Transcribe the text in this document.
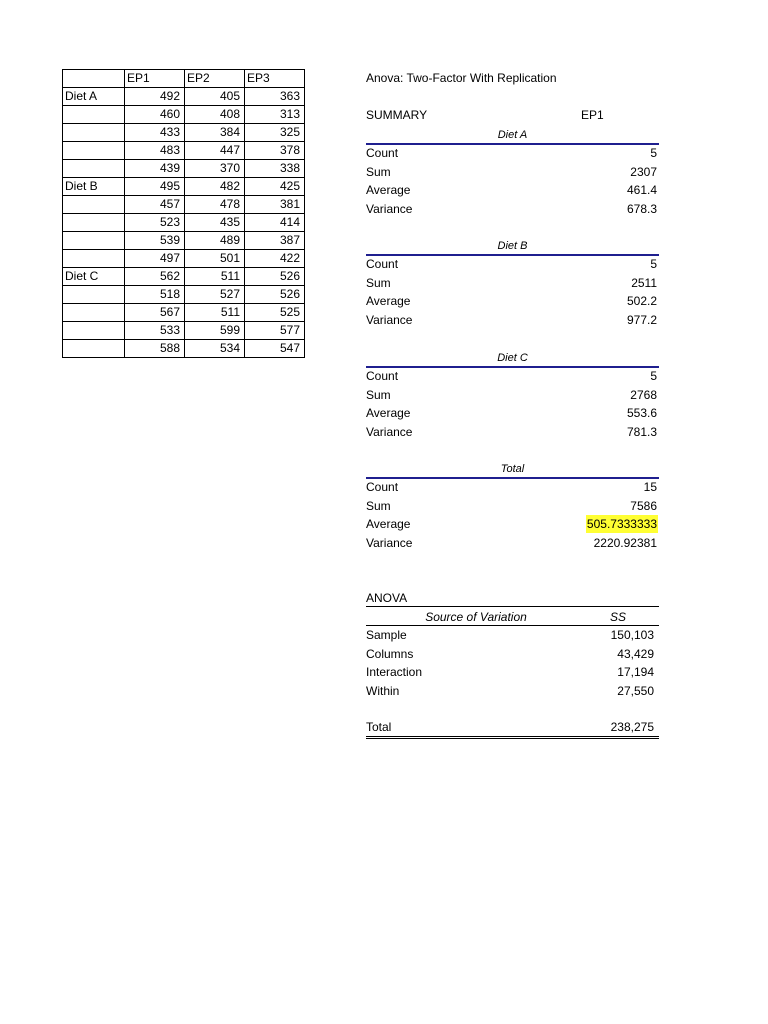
	EP1	EP2	EP3
Diet A	492	405	363
	460	408	313
	433	384	325
	483	447	378
	439	370	338
Diet B	495	482	425
	457	478	381
	523	435	414
	539	489	387
	497	501	422
Diet C	562	511	526
	518	527	526
	567	511	525
	533	599	577
	588	534	547
Anova: Two-Factor With Replication
SUMMARY	EP1
Diet A
Count	5
Sum	2307
Average	461.4
Variance	678.3
Diet B
Count	5
Sum	2511
Average	502.2
Variance	977.2
Diet C
Count	5
Sum	2768
Average	553.6
Variance	781.3
Total
Count	15
Sum	7586
Average	505.7333333
Variance	2220.92381
ANOVA
Source of Variation	SS
Sample	150,103
Columns	43,429
Interaction	17,194
Within	27,550
Total	238,275
